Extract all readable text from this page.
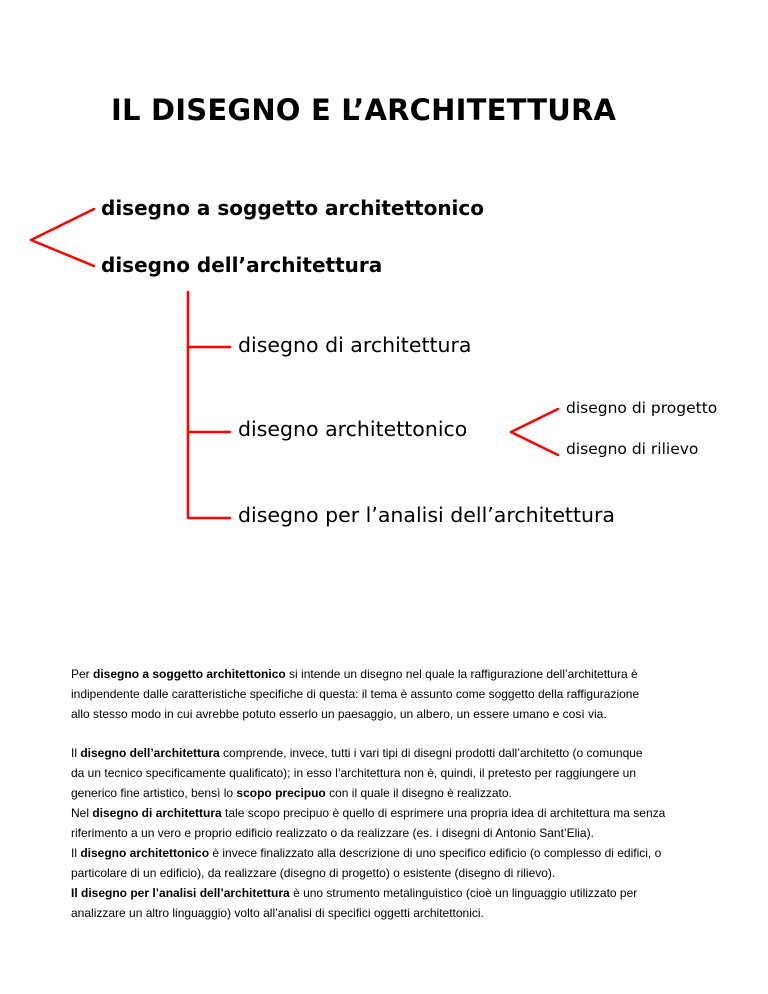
IL DISEGNO E L’ARCHITETTURA
disegno a soggetto architettonico
disegno dell’architettura
disegno di architettura
disegno architettonico
disegno per l’analisi dell’architettura
disegno di progetto
disegno di rilievo

Per disegno a soggetto architettonico si intende un disegno nel quale la raffigurazione dell’architettura è
indipendente dalle caratteristiche specifiche di questa: il tema è assunto come soggetto della raffigurazione
allo stesso modo in cui avrebbe potuto esserlo un paesaggio, un albero, un essere umano e così via.

Il disegno dell’architettura comprende, invece, tutti i vari tipi di disegni prodotti dall’architetto (o comunque
da un tecnico specificamente qualificato); in esso l’architettura non è, quindi, il pretesto per raggiungere un
generico fine artistico, bensì lo scopo precipuo con il quale il disegno è realizzato.
Nel disegno di architettura tale scopo precipuo è quello di esprimere una propria idea di architettura ma senza
riferimento a un vero e proprio edificio realizzato o da realizzare (es. i disegni di Antonio Sant’Elia).
Il disegno architettonico è invece finalizzato alla descrizione di uno specifico edificio (o complesso di edifici, o
particolare di un edificio), da realizzare (disegno di progetto) o esistente (disegno di rilievo).
Il disegno per l’analisi dell’architettura è uno strumento metalinguistico (cioè un linguaggio utilizzato per
analizzare un altro linguaggio) volto all’analisi di specifici oggetti architettonici.
